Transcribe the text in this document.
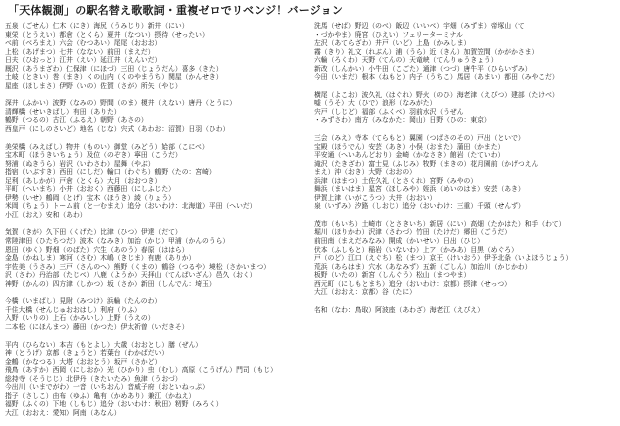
「天体観測」の駅名替え歌歌詞・重複ゼロでリベンジ！バージョン
五泉（ごせん）仁木（にき）海尻（うみじり）新井（にい）
東栄（とうえい）都倉（とくら）夏井（なつい）摂待（せったい）
べ前（べろまえ）六会（むつあい）尾尾（おおお）
上松（あげまつ）七井（なない）前田（まえだ）
日夫（ひおっと）江井（えい）延江井（えんいだ）
厩沢（あうまざわ）仁保津（にほづ）三田（じょうだん）喜多（きた）
土岐（ときい）巻（まき）くの山内（くのやまうち）関屋（かんせき）
星座（ほしまさ）伊野（いの）佐賀（さが）所矢（やじ）
深井（ふかい）波野（なみの）野間（のま）榎井（えない）唐丹（とうに）
清輝橋（せいきばし）有田（ありた）
鶴野（つるの）古江（ふるえ）朝野（あさの）
西皇戸（にしのさいど）地名（じな）宍式（あわお：沼賀）日羽（ひわ）
美栄橋（みえばし）物井（ものい）御堂（みどう）姶部（こにべ）
宝木町（ほうきいちょう）及位（のぞき）寧田（こうだ）
努浦（ぬきうら）岩沢（いわさわ）屋舞（やぶ）
指宿（いぶすき）西田（にしだ）輪口（わぐち）鶴野（たの：宮崎）
足利（あしかが）戸倉（とくら）大月（おおつき）
平町（へいまち）小井（おおく）西藤田（にしふじた）
伊勢（いせ）鶴岡（とげ）宝木（ほうき）綾（りょう）
米岡（ちょう）トーム前（と一むまえ）追分（おいわけ：北海道）平田（へいだ）
小江（おえ）安和（あわ）
気賀（きが）久下田（くげた）比津（ひつ）伊達（だて）
常陸津田（ひたちつだ）波木（なみき）加治（かじ）甲浦（かんのうら）
恩田（ゆく）野畑（のばた）穴生（あのう）春原（ははら）
金島（かねしま）寒河（さむ）木嶋（きじま）有鹿（ありか）
宇佐美（うさみ）三戸（さんのへ）熊野（くまの）鶴谷（つるや）境松（さかいまつ）
沢（さわ）丹治部（たじべ）八鹿（ようか）天拝山（てんぱいざん）邑久（おく）
神野（かんの）四方津（しかつ）坂（さか）新田（しんでん：埼玉）
今橋（いまばし）見附（みつけ）浜輪（たんのわ）
千住大橋（せんじゅおおはし）利府（りふ）
入野（いりの）上石（かみいし）上野（うえの）
二本松（にほんまつ）藤田（かつた）伊太祈曽（いだきそ）
平内（ひらない）本吉（もとよし）大歳（おおとし）膳（ぜん）
神（とうげ）京都（きょうと）若葉台（わかばだい）
金鶴（かなつる）大塔（おおとう）坂戸（さかど）
飛鳥（あすか）西岡（にしおか）光（ひかり）虫（むし）高原（こうげん）門司（もじ）
総持寺（そうじじ）北伊丹（きたいたみ）魚津（うおづ）
今出川（いまでがわ）一音（いちおん）音威子府（おといねっぷ）
指子（さしこ）由布（ゆふ）亀有（かめあり）兼江（かねえ）
福野（ふくの）下地（しもじ）追分（おいわけ：秋田）籾野（みろく）
大江（おおえ：愛知）阿南（あなん）
洗馬（せば）野辺（のべ）飯辺（いいべ）宇畑（みずま）帝塚山（て
・づかやま）廃宮（ひえい）フェリーターミナル
左沢（あてらざわ）井戸（いど）上島（かみしま）
霧（きり）礼文（れぶん）浦（うら）近（きん）加賀笠間（かがかさま）
六輪（ろくわ）天野（てんの）天竜峡（てんりゅうきょう）
新改（しんかい）小牛田（こごた）通津（つづ）唐牛平（ひらいずみ）
今田（いまだ）根本（ねもと）内子（うちこ）馬居（あまい）都田（みやこだ）
横尾（よこお）波久礼（はぐれ）野火（のひ）海老津（えびつ）建部（たけべ）
嘘（うそ）大（ひで）浪形（なみがた）
宍戸（しじど）福部（ふくべ）羽前水沢（うぜん
・みずさわ）南方（みなかた：岡山）日野（ひの：東京）
三会（みえ）寺本（てらもと）翼園（つばさのその）戸出（といで）
宝殿（ほうでん）安芸（あき）小俣（おまた）蒲田（かまた）
平安通（へいあんどおり）金崎（かなさき）館岩（たていわ）
滝沢（たきざわ）富士見（ふじみ）牧野（まきの）花月園前（かげつえん
まえ）沖（おき）大野（おおの）
浜津（はまつ）土佐久礼（とさくれ）宮野（みやの）
舞浜（まいはま）星宮（ほしみや）姪浜（めいのはま）安芸（あき）
伊賀上津（いがこうつ）大井（おおい）
泉（いずみ）汐路（しおじ）追分（おいわけ：三重）千頭（せんず）
茂市（もいち）土崎市（とさきいち）新居（にい）高畑（たかはた）和手（わて）
堀川（ほりかわ）沢津（さわづ）竹田（たけだ）郷田（ごうだ）
前田南（まえだみなみ）開成（かいせい）日出（ひじ）
伏本（ふしもと）稲岩（いないわ）上ア（かみあ）目黒（めぐろ）
戸（のど）江口（えぐち）松（まつ）京王（けいおう）伊予北条（いよほうじょう）
荒浜（あらはま）穴水（あなみず）五新（ごしん）加治川（かじかわ）
板野（いたの）新宮（しんぐう）松山（まつやま）
西元町（にしもとまち）追分（おいわけ：京都）摂津（せっつ）
大江（おおえ：京都）谷（たに）
名和（なわ：鳥取）阿波座（あわざ）海老江（えびえ）
